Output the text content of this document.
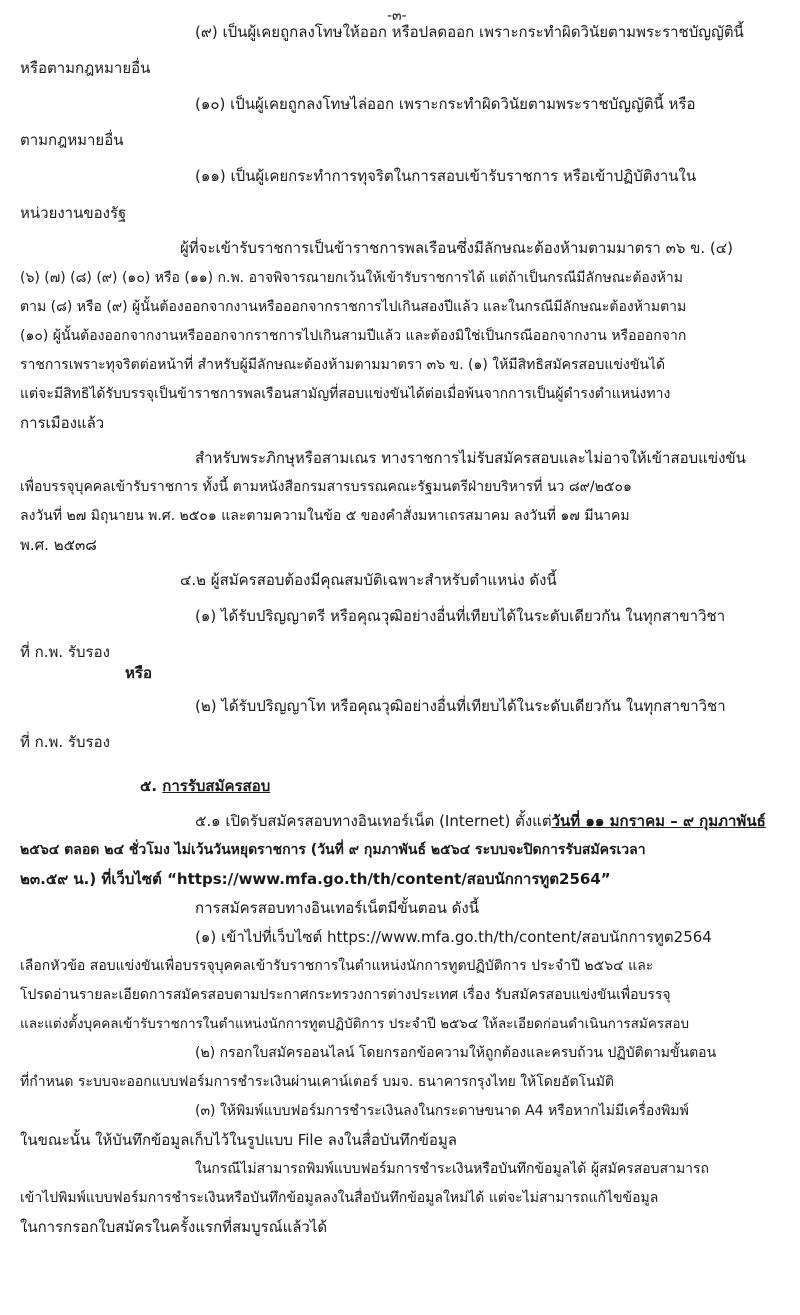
-๓-
(๙) เป็นผู้เคยถูกลงโทษให้ออก หรือปลดออก เพราะกระทำผิดวินัยตามพระราชบัญญัตินี้
หรือตามกฎหมายอื่น
(๑๐) เป็นผู้เคยถูกลงโทษไล่ออก เพราะกระทำผิดวินัยตามพระราชบัญญัตินี้ หรือ
ตามกฎหมายอื่น
(๑๑) เป็นผู้เคยกระทำการทุจริตในการสอบเข้ารับราชการ หรือเข้าปฏิบัติงานใน
หน่วยงานของรัฐ
ผู้ที่จะเข้ารับราชการเป็นข้าราชการพลเรือนซึ่งมีลักษณะต้องห้ามตามมาตรา ๓๖ ข. (๔)
(๖) (๗) (๘) (๙) (๑๐) หรือ (๑๑) ก.พ. อาจพิจารณายกเว้นให้เข้ารับราชการได้ แต่ถ้าเป็นกรณีมีลักษณะต้องห้าม
ตาม (๘) หรือ (๙) ผู้นั้นต้องออกจากงานหรือออกจากราชการไปเกินสองปีแล้ว และในกรณีมีลักษณะต้องห้ามตาม
(๑๐) ผู้นั้นต้องออกจากงานหรือออกจากราชการไปเกินสามปีแล้ว และต้องมิใช่เป็นกรณีออกจากงาน หรือออกจาก
ราชการเพราะทุจริตต่อหน้าที่ สำหรับผู้มีลักษณะต้องห้ามตามมาตรา ๓๖ ข. (๑) ให้มีสิทธิสมัครสอบแข่งขันได้
แต่จะมีสิทธิได้รับบรรจุเป็นข้าราชการพลเรือนสามัญที่สอบแข่งขันได้ต่อเมื่อพ้นจากการเป็นผู้ดำรงตำแหน่งทาง
การเมืองแล้ว
สำหรับพระภิกษุหรือสามเณร ทางราชการไม่รับสมัครสอบและไม่อาจให้เข้าสอบแข่งขัน
เพื่อบรรจุบุคคลเข้ารับราชการ ทั้งนี้ ตามหนังสือกรมสารบรรณคณะรัฐมนตรีฝ่ายบริหารที่ นว ๘๙/๒๕๐๑
ลงวันที่ ๒๗ มิถุนายน พ.ศ. ๒๕๐๑ และตามความในข้อ ๕ ของคำสั่งมหาเถรสมาคม ลงวันที่ ๑๗ มีนาคม
พ.ศ. ๒๕๓๘
๔.๒ ผู้สมัครสอบต้องมีคุณสมบัติเฉพาะสำหรับตำแหน่ง ดังนี้
(๑) ได้รับปริญญาตรี หรือคุณวุฒิอย่างอื่นที่เทียบได้ในระดับเดียวกัน ในทุกสาขาวิชา
ที่ ก.พ. รับรอง
หรือ
(๒) ได้รับปริญญาโท หรือคุณวุฒิอย่างอื่นที่เทียบได้ในระดับเดียวกัน ในทุกสาขาวิชา
ที่ ก.พ. รับรอง
๕. การรับสมัครสอบ
๕.๑ เปิดรับสมัครสอบทางอินเทอร์เน็ต (Internet) ตั้งแต่วันที่ ๑๑ มกราคม – ๙ กุมภาพันธ์
๒๕๖๔ ตลอด ๒๔ ชั่วโมง ไม่เว้นวันหยุดราชการ (วันที่ ๙ กุมภาพันธ์ ๒๕๖๔ ระบบจะปิดการรับสมัครเวลา
๒๓.๕๙ น.) ที่เว็บไซต์ “https://www.mfa.go.th/th/content/สอบนักการทูต2564”
การสมัครสอบทางอินเทอร์เน็ตมีขั้นตอน ดังนี้
(๑) เข้าไปที่เว็บไซต์ https://www.mfa.go.th/th/content/สอบนักการทูต2564
เลือกหัวข้อ สอบแข่งขันเพื่อบรรจุบุคคลเข้ารับราชการในตำแหน่งนักการทูตปฏิบัติการ ประจำปี ๒๕๖๔ และ
โปรดอ่านรายละเอียดการสมัครสอบตามประกาศกระทรวงการต่างประเทศ เรื่อง รับสมัครสอบแข่งขันเพื่อบรรจุ
และแต่งตั้งบุคคลเข้ารับราชการในตำแหน่งนักการทูตปฏิบัติการ ประจำปี ๒๕๖๔ ให้ละเอียดก่อนดำเนินการสมัครสอบ
(๒) กรอกใบสมัครออนไลน์ โดยกรอกข้อความให้ถูกต้องและครบถ้วน ปฏิบัติตามขั้นตอน
ที่กำหนด ระบบจะออกแบบฟอร์มการชำระเงินผ่านเคาน์เตอร์ บมจ. ธนาคารกรุงไทย ให้โดยอัตโนมัติ
(๓) ให้พิมพ์แบบฟอร์มการชำระเงินลงในกระดาษขนาด A4 หรือหากไม่มีเครื่องพิมพ์
ในขณะนั้น ให้บันทึกข้อมูลเก็บไว้ในรูปแบบ File ลงในสื่อบันทึกข้อมูล
ในกรณีไม่สามารถพิมพ์แบบฟอร์มการชำระเงินหรือบันทึกข้อมูลได้ ผู้สมัครสอบสามารถ
เข้าไปพิมพ์แบบฟอร์มการชำระเงินหรือบันทึกข้อมูลลงในสื่อบันทึกข้อมูลใหม่ได้ แต่จะไม่สามารถแก้ไขข้อมูล
ในการกรอกใบสมัครในครั้งแรกที่สมบูรณ์แล้วได้
